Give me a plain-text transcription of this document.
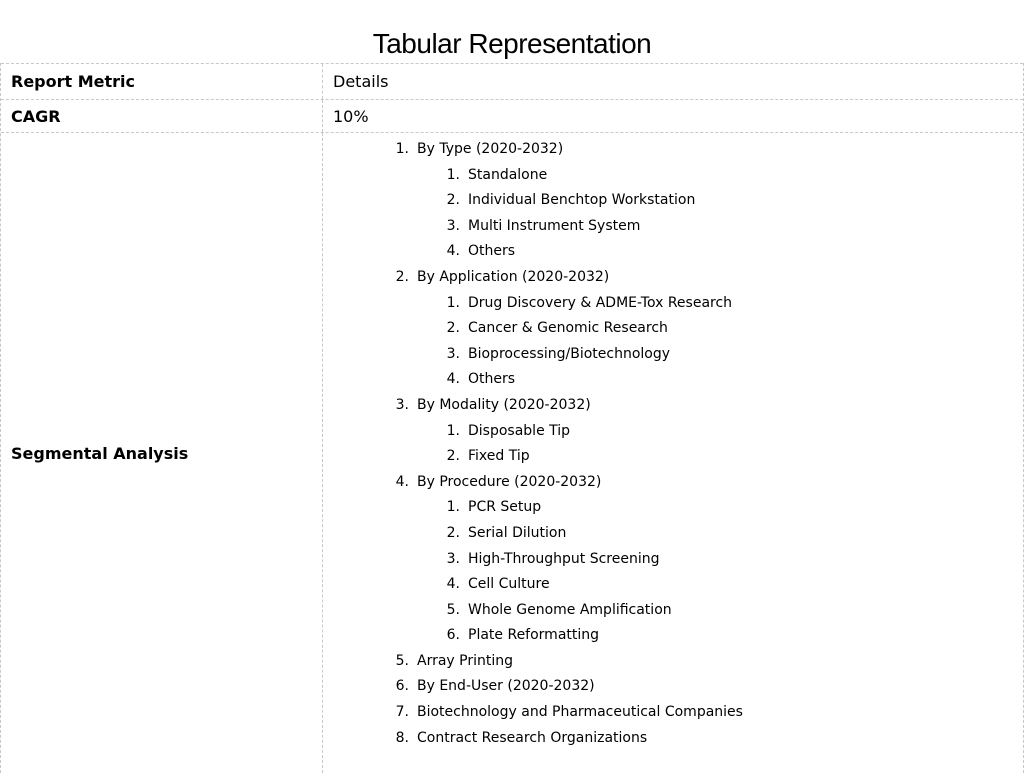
Tabular Representation
Report Metric	Details
CAGR	10%
Segmental Analysis
1. By Type (2020-2032)
1. Standalone
2. Individual Benchtop Workstation
3. Multi Instrument System
4. Others
2. By Application (2020-2032)
1. Drug Discovery & ADME-Tox Research
2. Cancer & Genomic Research
3. Bioprocessing/Biotechnology
4. Others
3. By Modality (2020-2032)
1. Disposable Tip
2. Fixed Tip
4. By Procedure (2020-2032)
1. PCR Setup
2. Serial Dilution
3. High-Throughput Screening
4. Cell Culture
5. Whole Genome Amplification
6. Plate Reformatting
5. Array Printing
6. By End-User (2020-2032)
7. Biotechnology and Pharmaceutical Companies
8. Contract Research Organizations
